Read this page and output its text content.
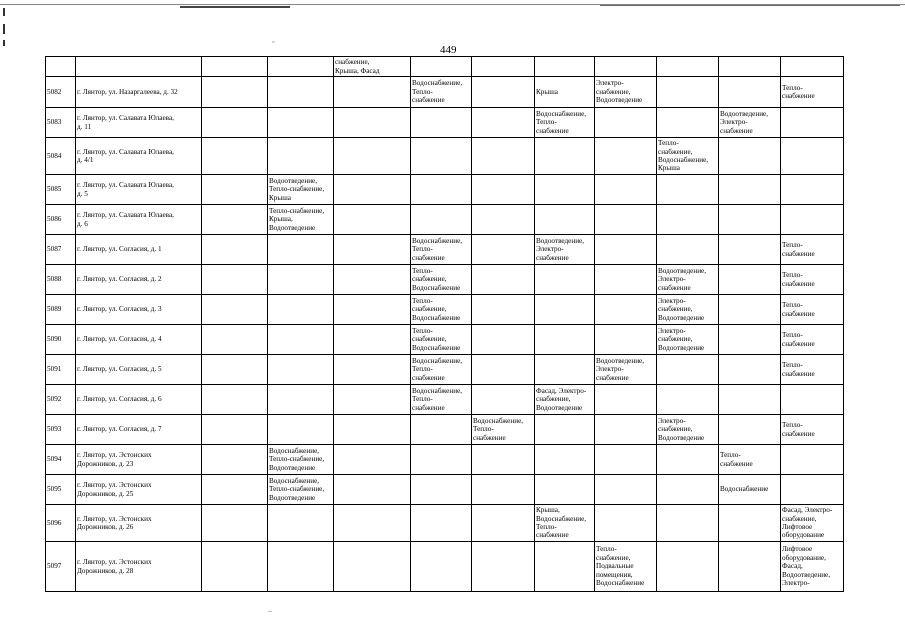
449
				снабжение,
Крыша, Фасад							
5082	г. Лянтор, ул. Назаргалеева, д. 32				Водоснабжение,
Тепло-
снабжение		Крыша	Электро-
снабжение,
Водоотведение			Тепло-
снабжение
5083	г. Лянтор, ул. Салавата Юлаева,
д. 11						Водоснабжение,
Тепло-
снабжение			Водоотведение,
Электро-
снабжение	
5084	г. Лянтор, ул. Салавата Юлаева,
д. 4/1								Тепло-
снабжение,
Водоснабжение,
Крыша		
5085	г. Лянтор, ул. Салавата Юлаева,
д. 5		Водоотведение,
Тепло-снабжение,
Крыша								
5086	г. Лянтор, ул. Салавата Юлаева,
д. 6		Тепло-снабжение,
Крыша,
Водоотведение								
5087	г. Лянтор, ул. Согласия, д. 1				Водоснабжение,
Тепло-
снабжение		Водоотведение,
Электро-
снабжение				Тепло-
снабжение
5088	г. Лянтор, ул. Согласия, д. 2				Тепло-
снабжение,
Водоснабжение				Водоотведение,
Электро-
снабжение		Тепло-
снабжение
5089	г. Лянтор, ул. Согласия, д. 3				Тепло-
снабжение,
Водоснабжение				Электро-
снабжение,
Водоотведение		Тепло-
снабжение
5090	г. Лянтор, ул. Согласия, д. 4				Тепло-
снабжение,
Водоснабжение				Электро-
снабжение,
Водоотведение		Тепло-
снабжение
5091	г. Лянтор, ул. Согласия, д. 5				Водоснабжение,
Тепло-
снабжение			Водоотведение,
Электро-
снабжение			Тепло-
снабжение
5092	г. Лянтор, ул. Согласия, д. 6				Водоснабжение,
Тепло-
снабжение		Фасад, Электро-
снабжение,
Водоотведение				
5093	г. Лянтор, ул. Согласия, д. 7					Водоснабжение,
Тепло-
снабжение			Электро-
снабжение,
Водоотведение		Тепло-
снабжение
5094	г. Лянтор, ул. Эстонских
Дорожников, д. 23		Водоснабжение,
Тепло-снабжение,
Водоотведение							Тепло-
снабжение	
5095	г. Лянтор, ул. Эстонских
Дорожников, д. 25		Водоснабжение,
Тепло-снабжение,
Водоотведение							Водоснабжение	
5096	г. Лянтор, ул. Эстонских
Дорожников, д. 26						Крыша,
Водоснабжение,
Тепло-
снабжение				Фасад, Электро-
снабжение,
Лифтовое
оборудование
5097	г. Лянтор, ул. Эстонских
Дорожников, д. 28							Тепло-
снабжение,
Подвальные
помещения,
Водоснабжение			Лифтовое
оборудование,
Фасад,
Водоотведение,
Электро-
ˇ
–
